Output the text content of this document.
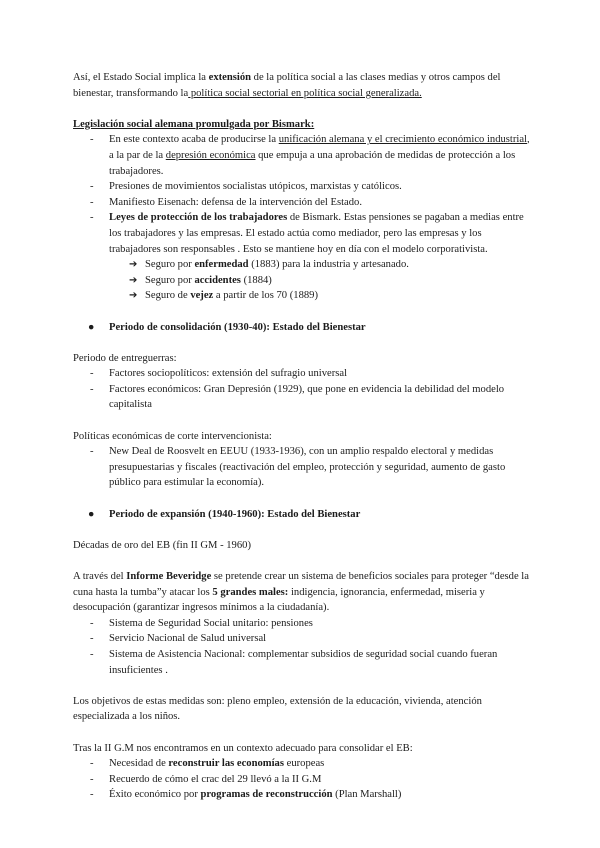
Así, el Estado Social implica la extensión de la política social a las clases medias y otros campos del bienestar, transformando la política social sectorial en política social generalizada.

Legislación social alemana promulgada por Bismark:

- En este contexto acaba de producirse la unificación alemana y el crecimiento económico industrial, a la par de la depresión económica que empuja a una aprobación de medidas de protección a los trabajadores.
- Presiones de movimientos socialistas utópicos, marxistas y católicos.
- Manifiesto Eisenach: defensa de la intervención del Estado.
- Leyes de protección de los trabajadores de Bismark. Estas pensiones se pagaban a medias entre los trabajadores y las empresas. El estado actúa como mediador, pero las empresas y los trabajadores son responsables . Esto se mantiene hoy en día con el modelo corporativista.
➔ Seguro por enfermedad (1883) para la industria y artesanado.
➔ Seguro por accidentes (1884)
➔ Seguro de vejez a partir de los 70 (1889)

● Periodo de consolidación (1930-40): Estado del Bienestar

Periodo de entreguerras:

- Factores sociopolíticos: extensión del sufragio universal
- Factores económicos: Gran Depresión (1929), que pone en evidencia la debilidad del modelo capitalista

Políticas económicas de corte intervencionista:

- New Deal de Roosvelt en EEUU (1933-1936), con un amplio respaldo electoral y medidas presupuestarias y fiscales (reactivación del empleo, protección y seguridad, aumento de gasto público para estimular la economía).

● Periodo de expansión (1940-1960): Estado del Bienestar

Décadas de oro del EB (fin II GM - 1960)

A través del Informe Beveridge se pretende crear un sistema de beneficios sociales para proteger “desde la cuna hasta la tumba”y atacar los 5 grandes males: indigencia, ignorancia, enfermedad, miseria y desocupación (garantizar ingresos mínimos a la ciudadanía).

- Sistema de Seguridad Social unitario: pensiones
- Servicio Nacional de Salud universal
- Sistema de Asistencia Nacional: complementar subsidios de seguridad social cuando fueran insuficientes .

Los objetivos de estas medidas son: pleno empleo, extensión de la educación, vivienda, atención especializada a los niños.

Tras la II G.M nos encontramos en un contexto adecuado para consolidar el EB:

- Necesidad de reconstruir las economías europeas
- Recuerdo de cómo el crac del 29 llevó a la II G.M
- Éxito económico por programas de reconstrucción (Plan Marshall)
